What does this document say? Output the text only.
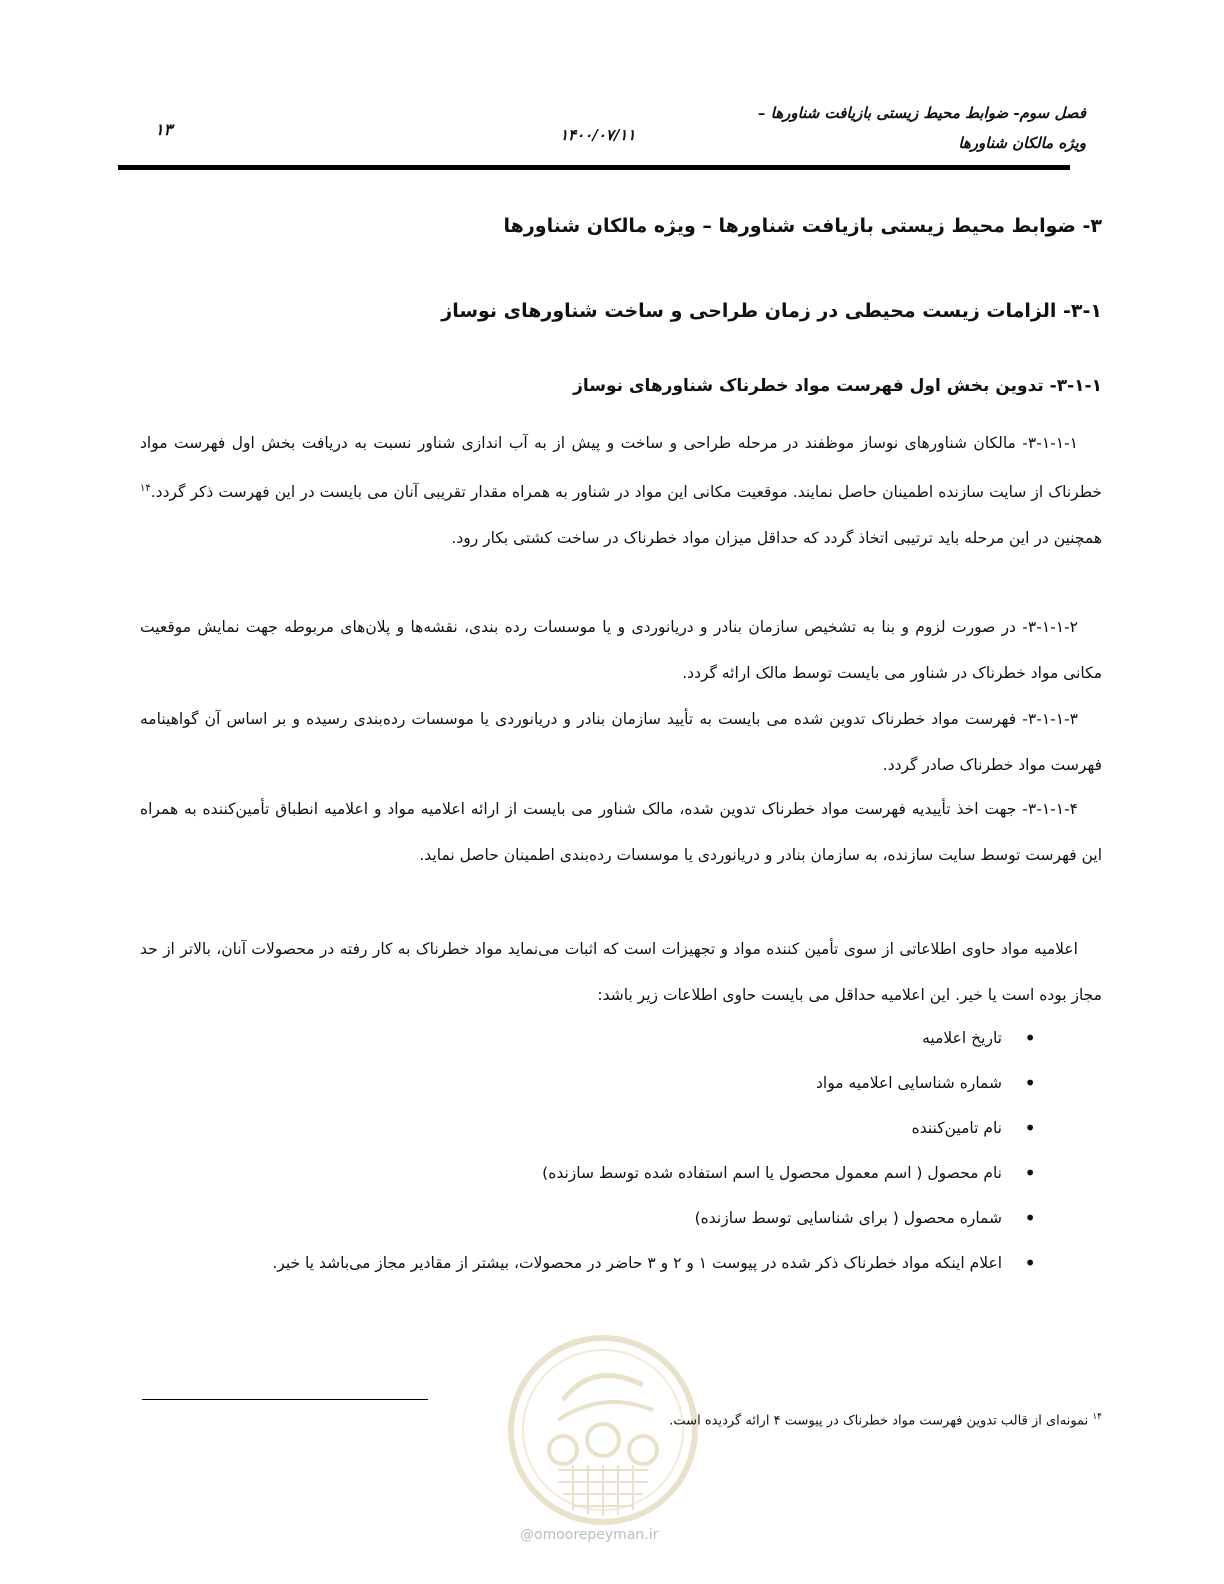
فصل سوم- ضوابط محیط زیستی بازیافت شناورها –
ویژه مالکان شناورها
۱۴۰۰/۰۷/۱۱
۱۳
۳- ضوابط محیط زیستی بازیافت شناورها – ویژه مالکان شناورها
۳-۱- الزامات زیست محیطی در زمان طراحی و ساخت شناورهای نوساز
۳-۱-۱- تدوین بخش اول فهرست مواد خطرناک شناورهای نوساز
۳-۱-۱-۱- مالکان شناورهای نوساز موظفند در مرحله طراحی و ساخت و پیش از به آب اندازی شناور نسبت به دریافت بخش اول فهرست مواد خطرناک از سایت سازنده اطمینان حاصل نمایند. موقعیت مکانی این مواد در شناور به همراه مقدار تقریبی آنان می بایست در این فهرست ذکر گردد.$^{۱۴}$ همچنین در این مرحله باید ترتیبی اتخاذ گردد که حداقل میزان مواد خطرناک در ساخت کشتی بکار رود.
۳-۱-۱-۲- در صورت لزوم و بنا به تشخیص سازمان بنادر و دریانوردی و یا موسسات رده بندی، نقشه‌ها و پلان‌های مربوطه جهت نمایش موقعیت مکانی مواد خطرناک در شناور می بایست توسط مالک ارائه گردد.
۳-۱-۱-۳- فهرست مواد خطرناک تدوین شده می بایست به تأیید سازمان بنادر و دریانوردی یا موسسات رده‌بندی رسیده و بر اساس آن گواهینامه فهرست مواد خطرناک صادر گردد.
۳-۱-۱-۴- جهت اخذ تأییدیه فهرست مواد خطرناک تدوین شده، مالک شناور می بایست از ارائه اعلامیه مواد و اعلامیه انطباق تأمین‌کننده به همراه این فهرست توسط سایت سازنده، به سازمان بنادر و دریانوردی یا موسسات رده‌بندی اطمینان حاصل نماید.
اعلامیه مواد حاوی اطلاعاتی از سوی تأمین کننده مواد و تجهیزات است که اثبات می‌نماید مواد خطرناک به کار رفته در محصولات آنان، بالاتر از حد مجاز بوده است یا خیر. این اعلامیه حداقل می بایست حاوی اطلاعات زیر باشد:
•
تاریخ اعلامیه
•
شماره شناسایی اعلامیه مواد
•
نام تامین‌کننده
•
نام محصول ( اسم معمول محصول یا اسم استفاده شده توسط سازنده)
•
شماره محصول ( برای شناسایی توسط سازنده)
•
اعلام اینکه مواد خطرناک ذکر شده در پیوست ۱ و ۲ و ۳ حاضر در محصولات، بیشتر از مقادیر مجاز می‌باشد یا خیر.
@omoorepeyman.ir
$^{۱۴}$ نمونه‌ای از قالب تدوین فهرست مواد خطرناک در پیوست ۴ ارائه گردیده است.
